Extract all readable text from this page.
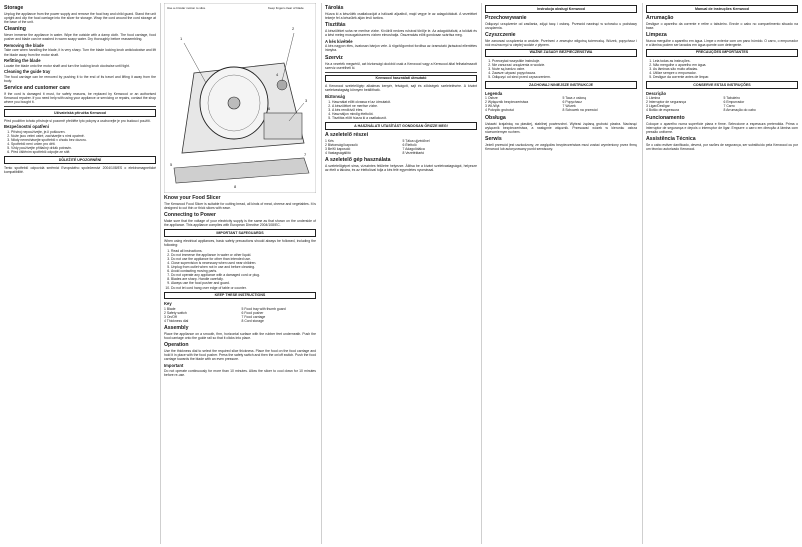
Storage

Unplug the appliance from the power supply and remove the food tray and child guard. Stand the unit upright and clip the food carriage into the slicer for storage. Wrap the cord around the cord storage at the base of the unit.

Cleaning

Never immerse the appliance in water. Wipe the outside with a damp cloth. The food carriage, food pusher and blade can be washed in warm soapy water. Dry thoroughly before reassembling.

Removing the blade

Take care when handling the blade, it is very sharp. Turn the blade locking knob anticlockwise and lift the blade away from the motor shaft.

Refitting the blade

Locate the blade onto the motor shaft and turn the locking knob clockwise until tight.

Cleaning the guide tray

The food carriage can be removed by pushing it to the end of its travel and lifting it away from the body.

Service and customer care

If the cord is damaged it must, for safety reasons, be replaced by Kenwood or an authorised Kenwood repairer. If you need help with using your appliance or servicing or repairs, contact the shop where you bought it.

Uživatelská příručka Kenwood

Před použitím tohoto přístroje si pozorně přečtěte tyto pokyny a uschovejte je pro budoucí použití.

Bezpečnostní opatření
1. Přístroj nepoužívejte, je-li poškozen.
2. Nože jsou velmi ostré, zacházejte s nimi opatrně.
3. Nikdy nenechávejte spotřebič v chodu bez dozoru.
4. Spotřebič není určen pro děti.
5. Vždy používejte přítlačný držák potravin.
6. Před čištěním spotřebič odpojte ze sítě.
DŮLEŽITÉ UPOZORNĚNÍ

Tento spotřebič odpovídá směrnici Evropského společenství 2004/108/ES o elektromagnetické kompatibilitě.

1
2
3
4
5
6
7
8
Use a circular motion to slice	Keep fingers clear of blade
Know your Food Slicer

The Kenwood Food Slicer is suitable for cutting bread, all kinds of meat, cheese and vegetables. It is designed to cut thin or thick slices with ease.

Connecting to Power

Make sure that the voltage of your electricity supply is the same as that shown on the underside of the appliance. This appliance complies with European Directive 2004/108/EC.

IMPORTANT SAFEGUARDS

When using electrical appliances, basic safety precautions should always be followed, including the following:

1. Read all instructions.
2. Do not immerse the appliance in water or other liquid.
3. Do not use the appliance for other than intended use.
4. Close supervision is necessary when used near children.
5. Unplug from outlet when not in use and before cleaning.
6. Avoid contacting moving parts.
7. Do not operate any appliance with a damaged cord or plug.
8. Blades are sharp. Handle carefully.
9. Always use the food pusher and guard.
10. Do not let cord hang over edge of table or counter.
KEEP THESE INSTRUCTIONS
Key
1 Blade	5 Food tray with thumb guard
2 Safety switch	6 Food pusher
3 On/Off	7 Food carriage
4 Thickness dial	8 Cord storage
Assembly

Place the appliance on a smooth, firm, horizontal surface with the rubber feet underneath. Push the food carriage onto the guide rail so that it clicks into place.

Operation

Use the thickness dial to select the required slice thickness. Place the food on the food carriage and hold it in place with the food pusher. Press the safety switch and then the on/off switch. Push the food carriage towards the blade with an even pressure.

Important

Do not operate continuously for more than 10 minutes. Allow the slicer to cool down for 10 minutes before re-use.

Tárolás

Húzza ki a készülék csatlakozóját a hálózati aljzatból, majd vegye le az adagolótálcát. A vezetéket tekerje fel a készülék alján levő tartóra.

Tisztítás

A készüléket soha ne merítse vízbe. Kívülről nedves ruhával törölje le. Az adagolótálcát, a tolókát és a kést meleg mosogatószeres vízben elmoshatja. Összerakás előtt gondosan szárítsa meg.

A kés kivétele

A kés nagyon éles, óvatosan bánjon vele. A rögzítőgombot fordítsa az óramutató járásával ellentétes irányba.

Szerviz

Ha a vezeték megsérül, azt biztonsági okokból csak a Kenwood vagy a Kenwood által felhatalmazott szerviz cserélheti ki.

Kenwood használati útmutató

A Kenwood szeletelőgép alkalmas kenyér, felvágott, sajt és zöldségek szeletelésére. A kívánt szeletvastagság könnyen beállítható.

Biztonság
1. Használat előtt olvassa el az útmutatót.
2. A készüléket ne merítse vízbe.
3. A kés rendkívül éles.
4. Használjon mindig ételtolót.
5. Tisztítás előtt húzza ki a csatlakozót.
A HASZNÁLATI UTASÍTÁST GONDOSAN ŐRIZZE MEG!
A szeletelő részei
1 Kés	5 Tálca ujjvédővel
2 Biztonsági kapcsoló	6 Ételtoló
3 Be/Ki kapcsoló	7 Adagolótálca
4 Vastagságállító	8 Vezetéktartó
A szeletelő gép használata

A szeletelőgépet sima, vízszintes felületre helyezze. Állítsa be a kívánt szeletvastagságot, helyezze az ételt a tálcára, és az ételtolóval tolja a kés felé egyenletes nyomással.

Instrukcja obsługi Kenwood
Przechowywanie

Odłączyć urządzenie od zasilania, zdjąć tacę i osłonę. Przewód nawinąć w schowku u podstawy urządzenia.

Czyszczenie

Nie zanurzać urządzenia w wodzie. Przetrzeć z zewnątrz wilgotną ściereczką. Wózek, popychacz i nóż można myć w ciepłej wodzie z płynem.

WAŻNE ZASADY BEZPIECZEŃSTWA
1. Przeczytać wszystkie instrukcje.
2. Nie zanurzać urządzenia w wodzie.
3. Noże są bardzo ostre.
4. Zawsze używać popychacza.
5. Odłączyć od sieci przed czyszczeniem.
ZACHOWAJ NINIEJSZE INSTRUKCJE
Legenda
1 Ostrze	5 Taca z osłoną
2 Wyłącznik bezpieczeństwa	6 Popychacz
3 Wł./Wył.	7 Wózek
4 Pokrętło grubości	8 Schowek na przewód
Obsługa

Ustawić krajalnicę na płaskiej, stabilnej powierzchni. Wybrać żądaną grubość plastra. Nacisnąć wyłącznik bezpieczeństwa, a następnie włącznik. Przesuwać wózek w kierunku ostrza równomiernym ruchem.

Serwis

Jeżeli przewód jest uszkodzony, ze względów bezpieczeństwa musi zostać wymieniony przez firmę Kenwood lub autoryzowany punkt serwisowy.

Manual de instruções Kenwood
Arrumação

Desligue o aparelho da corrente e retire o tabuleiro. Enrole o cabo no compartimento situado na base.

Limpeza

Nunca mergulhe o aparelho em água. Limpe o exterior com um pano húmido. O carro, o empurrador e a lâmina podem ser lavados em água quente com detergente.

PRECAUÇÕES IMPORTANTES
1. Leia todas as instruções.
2. Não mergulhe o aparelho em água.
3. As lâminas são muito afiadas.
4. Utilize sempre o empurrador.
5. Desligue da corrente antes de limpar.
CONSERVE ESTAS INSTRUÇÕES
Descrição
1 Lâmina	5 Tabuleiro
2 Interruptor de segurança	6 Empurrador
3 Ligar/Desligar	7 Carro
4 Botão de espessura	8 Arrumação do cabo
Funcionamento

Coloque o aparelho numa superfície plana e firme. Seleccione a espessura pretendida. Prima o interruptor de segurança e depois o interruptor de ligar. Empurre o carro em direcção à lâmina com pressão uniforme.

Assistência Técnica

Se o cabo estiver danificado, deverá, por razões de segurança, ser substituído pela Kenwood ou por um técnico autorizado Kenwood.
